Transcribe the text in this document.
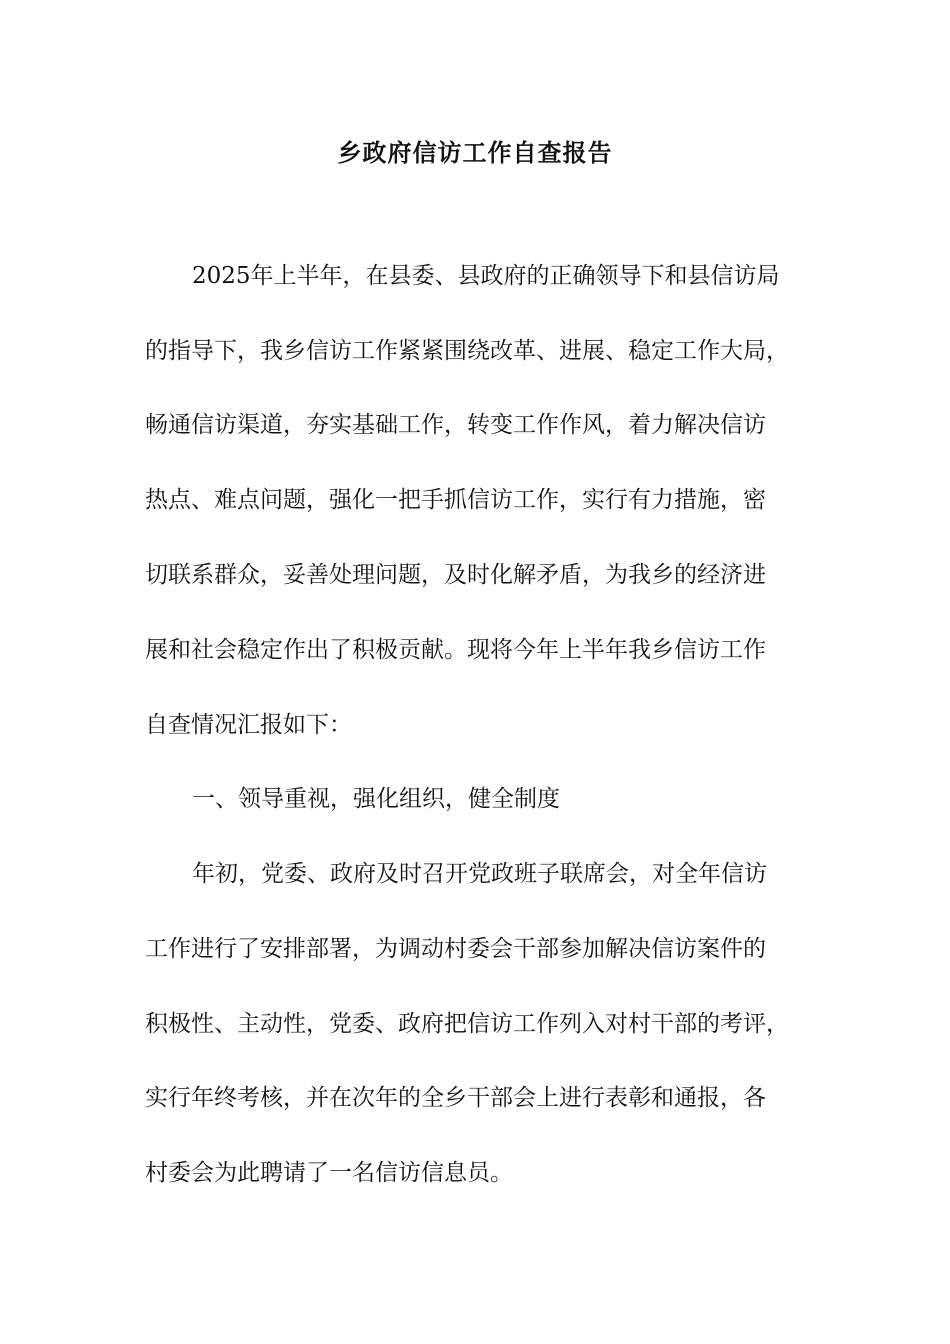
乡政府信访工作自查报告
2025年上半年，在县委、县政府的正确领导下和县信访局
的指导下，我乡信访工作紧紧围绕改革、进展、稳定工作大局，
畅通信访渠道，夯实基础工作，转变工作作风，着力解决信访
热点、难点问题，强化一把手抓信访工作，实行有力措施，密
切联系群众，妥善处理问题，及时化解矛盾，为我乡的经济进
展和社会稳定作出了积极贡献。现将今年上半年我乡信访工作
自查情况汇报如下：
一、领导重视，强化组织，健全制度
年初，党委、政府及时召开党政班子联席会，对全年信访
工作进行了安排部署，为调动村委会干部参加解决信访案件的
积极性、主动性，党委、政府把信访工作列入对村干部的考评，
实行年终考核，并在次年的全乡干部会上进行表彰和通报，各
村委会为此聘请了一名信访信息员。
